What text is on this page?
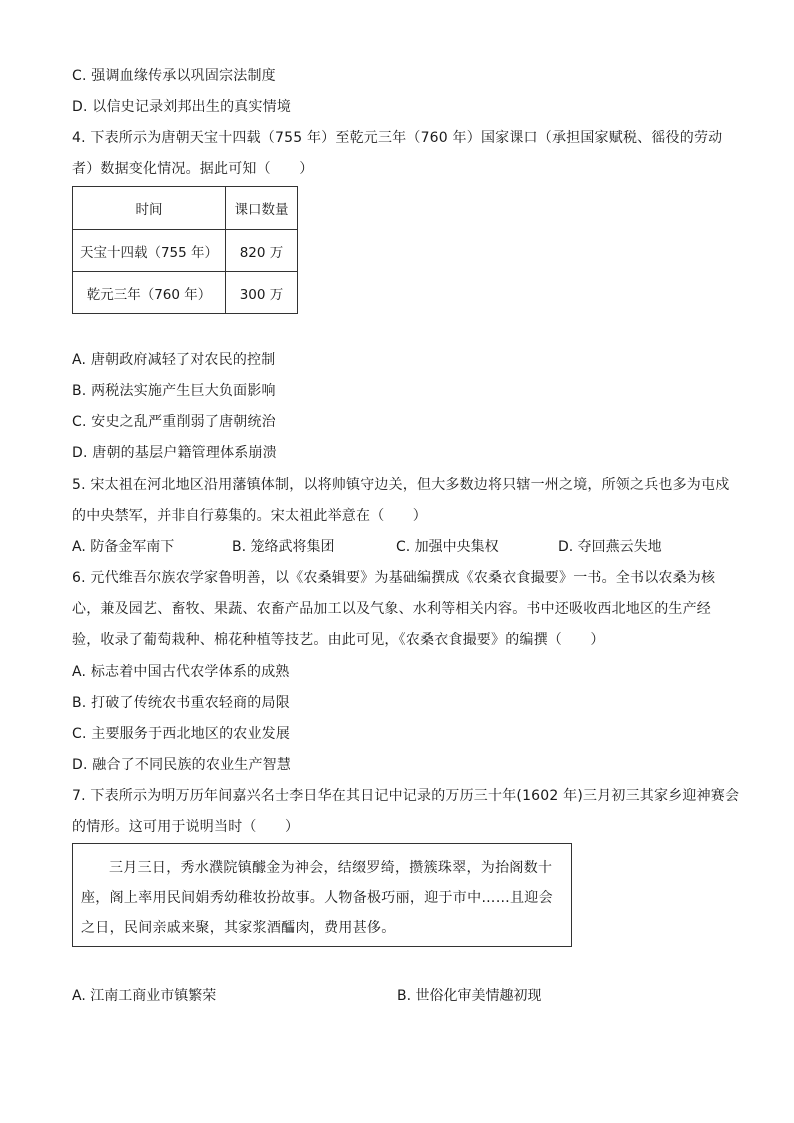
C. 强调血缘传承以巩固宗法制度
D. 以信史记录刘邦出生的真实情境
4. 下表所示为唐朝天宝十四载（755 年）至乾元三年（760 年）国家课口（承担国家赋税、徭役的劳动
者）数据变化情况。据此可知（　　）
时间	课口数量
天宝十四载（755 年）	820 万
乾元三年（760 年）	300 万
A. 唐朝政府减轻了对农民的控制
B. 两税法实施产生巨大负面影响
C. 安史之乱严重削弱了唐朝统治
D. 唐朝的基层户籍管理体系崩溃
5. 宋太祖在河北地区沿用藩镇体制，以将帅镇守边关，但大多数边将只辖一州之境，所领之兵也多为屯戍
的中央禁军，并非自行募集的。宋太祖此举意在（　　）
A. 防备金军南下	B. 笼络武将集团	C. 加强中央集权	D. 夺回燕云失地
6. 元代维吾尔族农学家鲁明善，以《农桑辑要》为基础编撰成《农桑衣食撮要》一书。全书以农桑为核
心，兼及园艺、畜牧、果蔬、农畜产品加工以及气象、水利等相关内容。书中还吸收西北地区的生产经
验，收录了葡萄栽种、棉花种植等技艺。由此可见，《农桑衣食撮要》的编撰（　　）
A. 标志着中国古代农学体系的成熟
B. 打破了传统农书重农轻商的局限
C. 主要服务于西北地区的农业发展
D. 融合了不同民族的农业生产智慧
7. 下表所示为明万历年间嘉兴名士李日华在其日记中记录的万历三十年(1602 年)三月初三其家乡迎神赛会
的情形。这可用于说明当时（　　）
三月三日，秀水濮院镇醵金为神会，结缀罗绮，攒簇珠翠，为抬阁数十座，阁上率用民间娟秀幼稚妆扮故事。人物备极巧丽，迎于市中……且迎会之日，民间亲戚来聚，其家浆酒醽肉，费用甚侈。
A. 江南工商业市镇繁荣	B. 世俗化审美情趣初现
